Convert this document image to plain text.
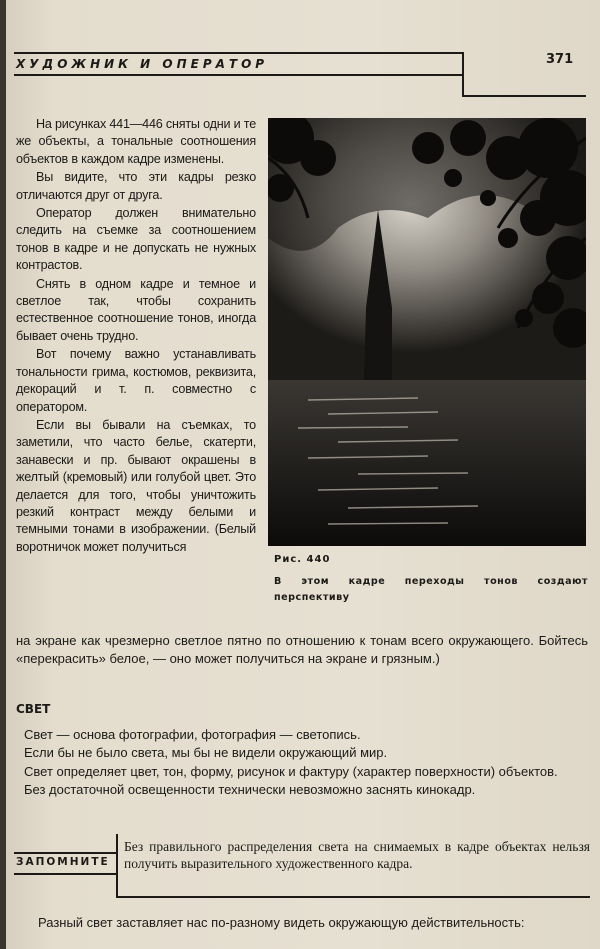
ХУДОЖНИК И ОПЕРАТОР	371

На рисунках 441—446 сняты одни и те же объекты, а тональные соотношения объектов в каждом кадре изменены.

Вы видите, что эти кадры резко отличаются друг от друга.

Оператор должен внимательно следить на съемке за соотношением тонов в кадре и не допускать не нужных контрастов.

Снять в одном кадре и темное и светлое так, чтобы сохранить естественное соотношение тонов, иногда бывает очень трудно.

Вот почему важно устанавливать тональности грима, костюмов, реквизита, декораций и т. п. совместно с оператором.

Если вы бывали на съемках, то заметили, что часто белье, скатерти, занавески и пр. бывают окрашены в желтый (кремовый) или голубой цвет. Это делается для того, чтобы уничтожить резкий контраст между белыми и темными тонами в изображении. (Белый воротничок может получиться

Рис. 440
В этом кадре переходы тонов создают перспективу

на экране как чрезмерно светлое пятно по отношению к тонам всего окружающего. Бойтесь «перекрасить» белое, — оно может получиться на экране и грязным.)

СВЕТ

Свет — основа фотографии, фотография — светопись.

Если бы не было света, мы бы не видели окружающий мир.

Свет определяет цвет, тон, форму, рисунок и фактуру (характер поверхности) объектов.

Без достаточной освещенности технически невозможно заснять кинокадр.

ЗАПОМНИТЕ
Без правильного распределения света на снимаемых в кадре объектах нельзя получить выразительного художественного кадра.
Разный свет заставляет нас по-разному видеть окружающую действительность:
